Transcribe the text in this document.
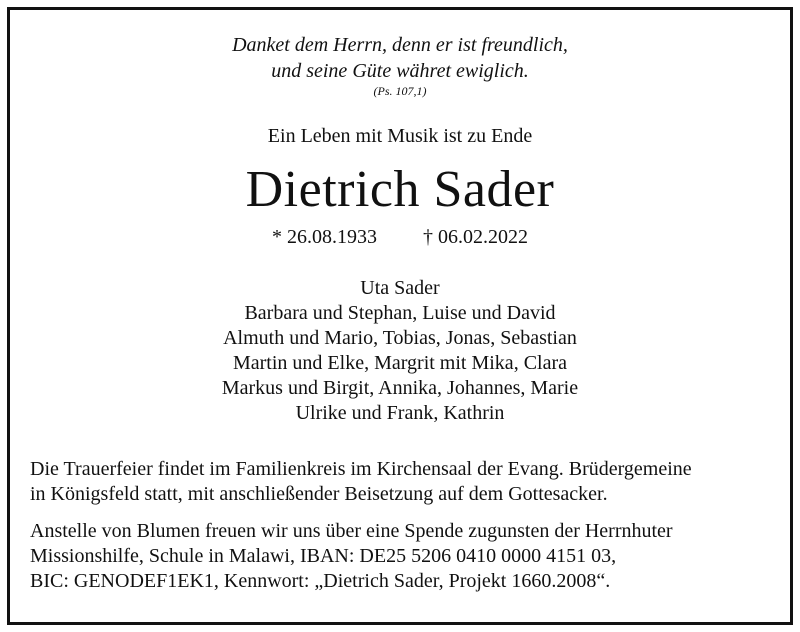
Danket dem Herrn, denn er ist freundlich,
und seine Güte währet ewiglich.
(Ps. 107,1)
Ein Leben mit Musik ist zu Ende
Dietrich Sader
* 26.08.1933 † 06.02.2022
Uta Sader
Barbara und Stephan, Luise und David
Almuth und Mario, Tobias, Jonas, Sebastian
Martin und Elke, Margrit mit Mika, Clara
Markus und Birgit, Annika, Johannes, Marie
Ulrike und Frank, Kathrin
Die Trauerfeier findet im Familienkreis im Kirchensaal der Evang. Brüdergemeine
in Königsfeld statt, mit anschließender Beisetzung auf dem Gottesacker.
Anstelle von Blumen freuen wir uns über eine Spende zugunsten der Herrnhuter
Missionshilfe, Schule in Malawi, IBAN: DE25 5206 0410 0000 4151 03,
BIC: GENODEF1EK1, Kennwort: „Dietrich Sader, Projekt 1660.2008“.
